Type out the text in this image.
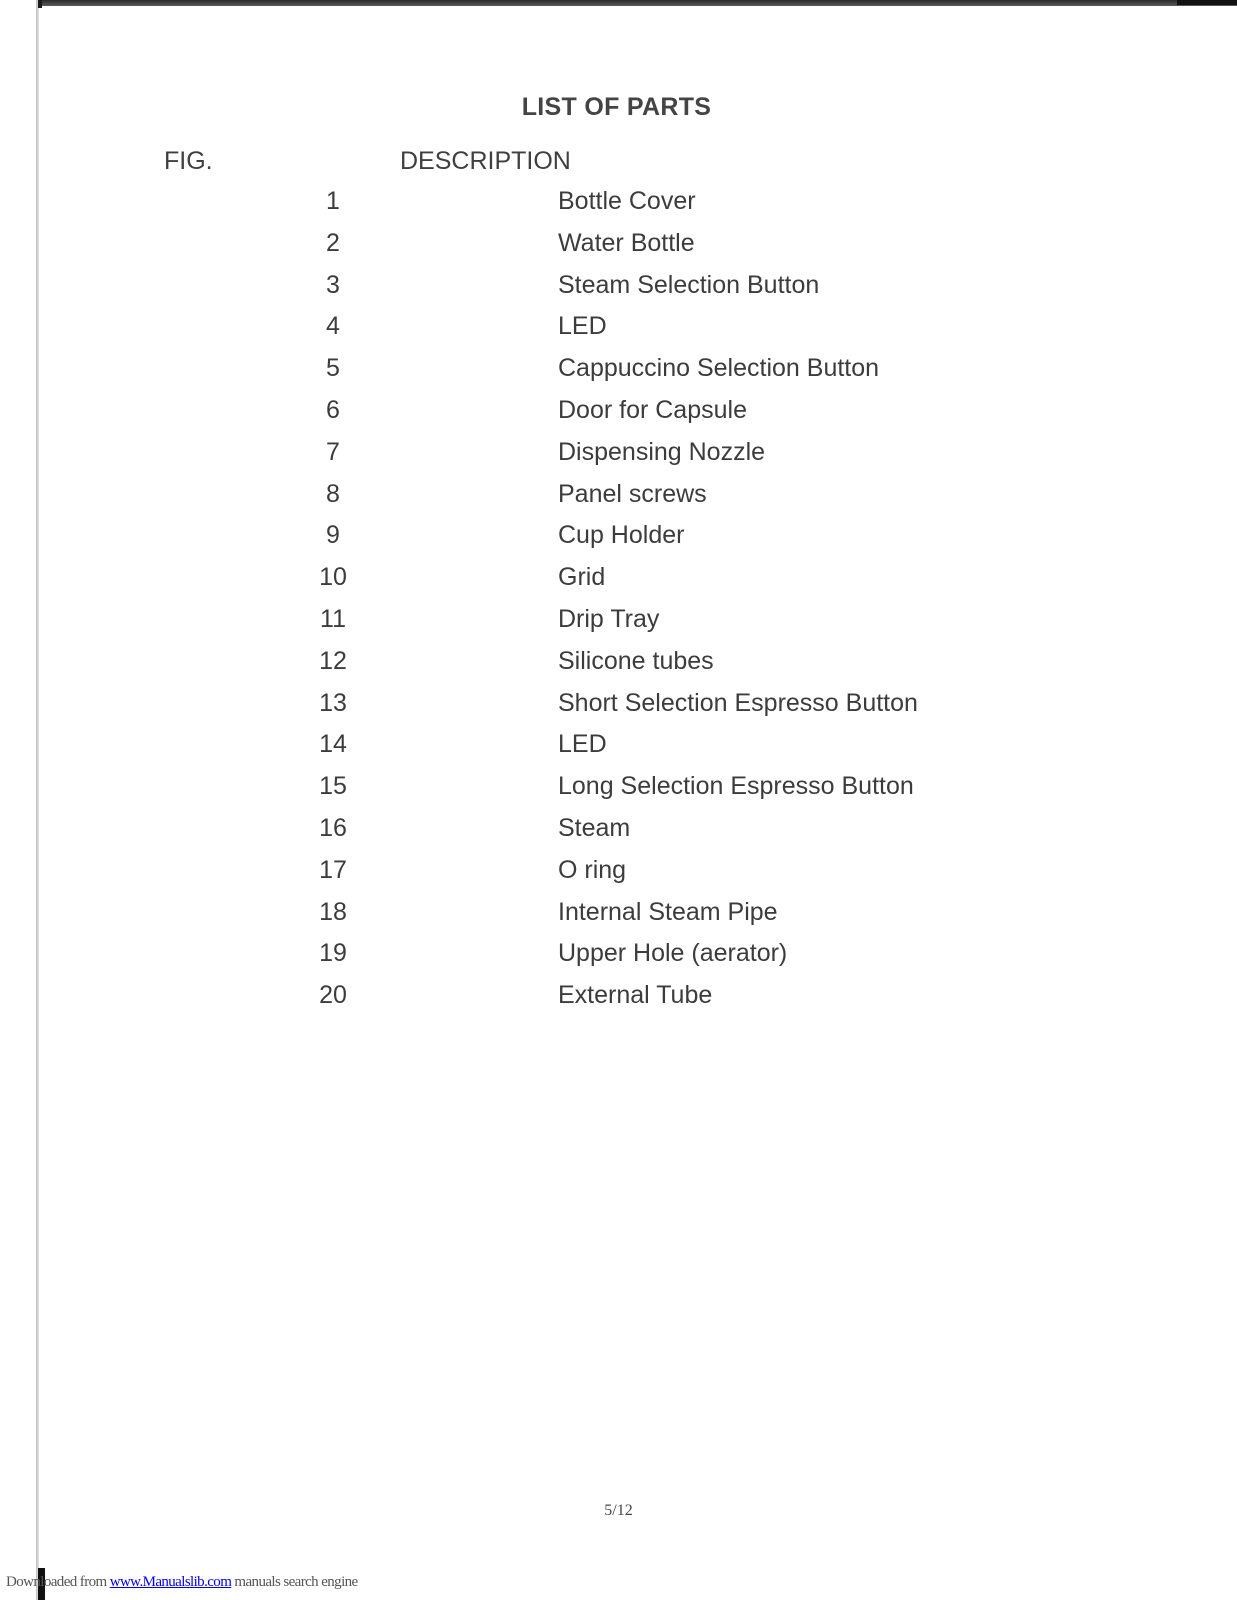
LIST OF PARTS
FIG.	DESCRIPTION
1	Bottle Cover
2	Water Bottle
3	Steam Selection Button
4	LED
5	Cappuccino Selection Button
6	Door for Capsule
7	Dispensing Nozzle
8	Panel screws
9	Cup Holder
10	Grid
11	Drip Tray
12	Silicone tubes
13	Short Selection Espresso Button
14	LED
15	Long Selection Espresso Button
16	Steam
17	O ring
18	Internal Steam Pipe
19	Upper Hole (aerator)
20	External Tube
5/12
Downloaded from www.Manualslib.com manuals search engine
